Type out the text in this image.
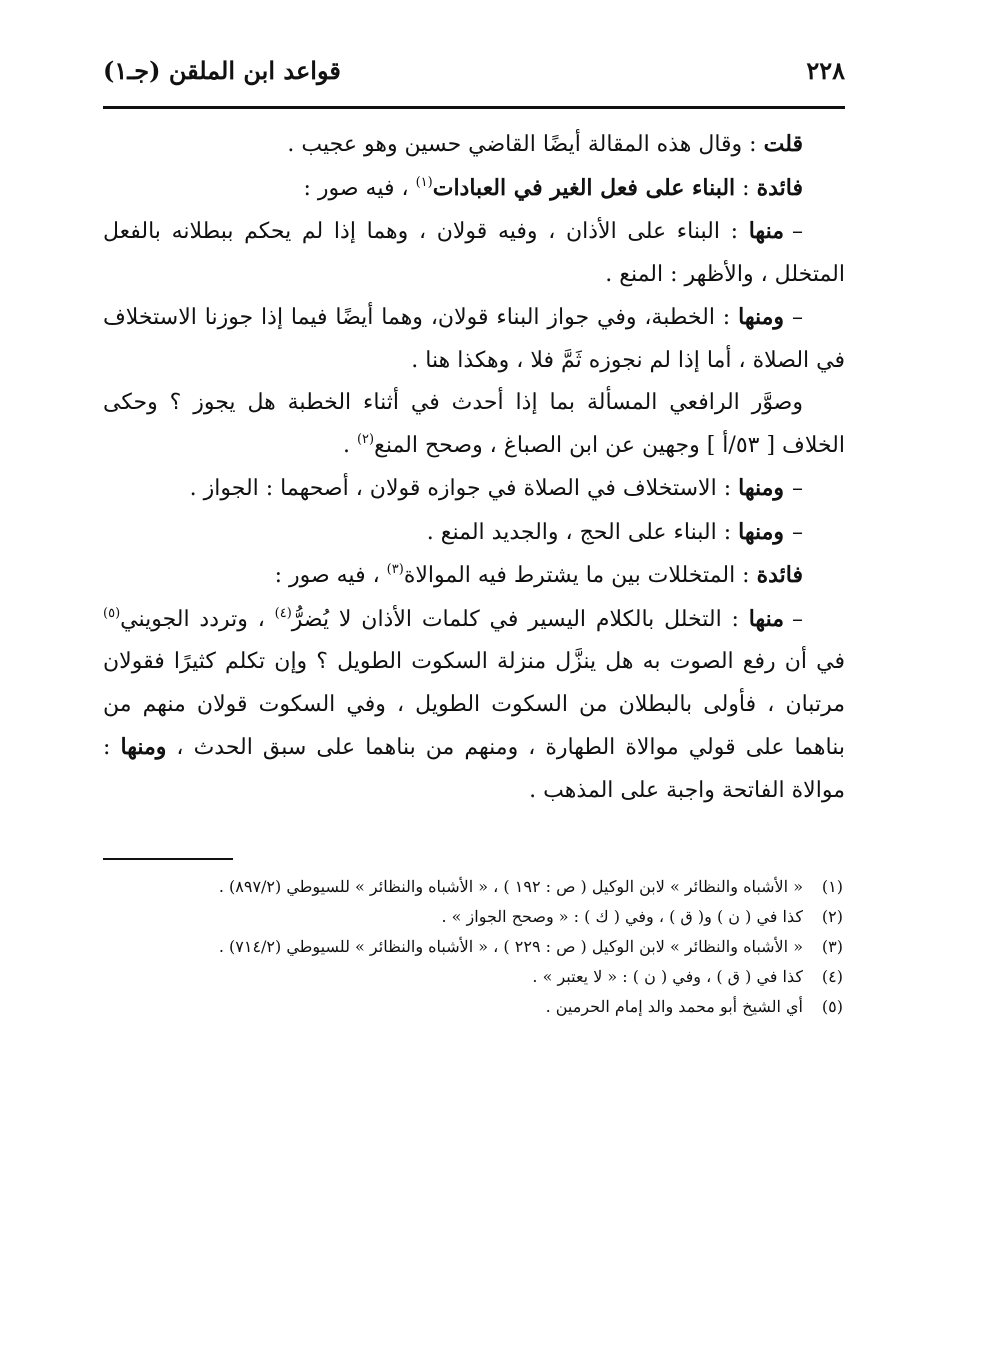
٢٢٨
قواعد ابن الملقن (جـ١)

قلت : وقال هذه المقالة أيضًا القاضي حسين وهو عجيب .

فائدة : البناء على فعل الغير في العبادات$^{(١)}$ ، فيه صور :

–منها : البناء على الأذان ، وفيه قولان ، وهما إذا لم يحكم ببطلانه بالفعل المتخلل ، والأظهر : المنع .

–ومنها : الخطبة، وفي جواز البناء قولان، وهما أيضًا فيما إذا جوزنا الاستخلاف في الصلاة ، أما إذا لم نجوزه ثَمَّ فلا ، وهكذا هنا .

وصوَّر الرافعي المسألة بما إذا أحدث في أثناء الخطبة هل يجوز ؟ وحكى الخلاف [ ٥٣/أ ] وجهين عن ابن الصباغ ، وصحح المنع$^{(٢)}$ .

–ومنها : الاستخلاف في الصلاة في جوازه قولان ، أصحهما : الجواز .

–ومنها : البناء على الحج ، والجديد المنع .

فائدة : المتخللات بين ما يشترط فيه الموالاة$^{(٣)}$ ، فيه صور :

–منها : التخلل بالكلام اليسير في كلمات الأذان لا يُضرُّ$^{(٤)}$ ، وتردد الجويني$^{(٥)}$ في أن رفع الصوت به هل ينزَّل منزلة السكوت الطويل ؟ وإن تكلم كثيرًا فقولان مرتبان ، فأولى بالبطلان من السكوت الطويل ، وفي السكوت قولان منهم من بناهما على قولي موالاة الطهارة ، ومنهم من بناهما على سبق الحدث ، ومنها : موالاة الفاتحة واجبة على المذهب .

(١)
« الأشباه والنظائر » لابن الوكيل ( ص : ١٩٢ ) ، « الأشباه والنظائر » للسيوطي (٨٩٧/٢) .
(٢)
كذا في ( ن ) و( ق ) ، وفي ( ك ) : « وصحح الجواز » .
(٣)
« الأشباه والنظائر » لابن الوكيل ( ص : ٢٢٩ ) ، « الأشباه والنظائر » للسيوطي (٧١٤/٢) .
(٤)
كذا في ( ق ) ، وفي ( ن ) : « لا يعتبر » .
(٥)
أي الشيخ أبو محمد والد إمام الحرمين .
